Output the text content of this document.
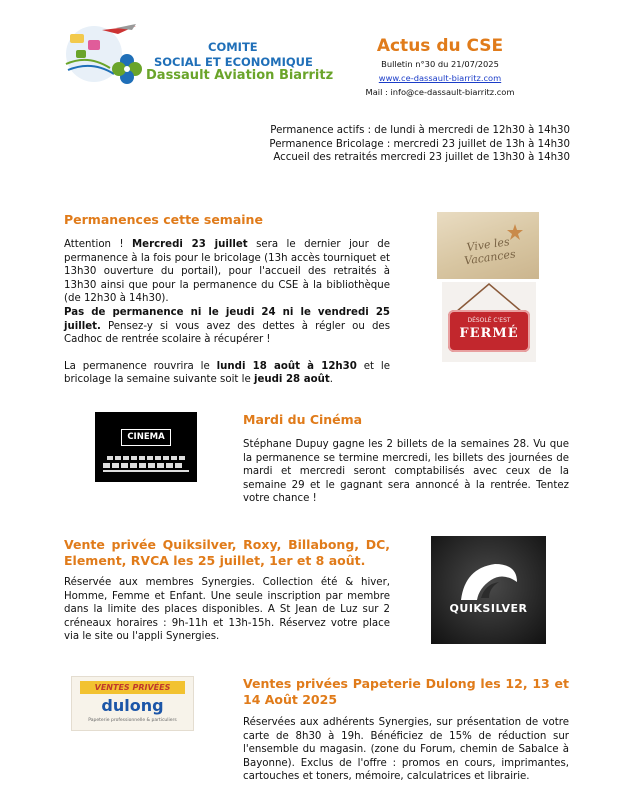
COMITE
SOCIAL ET ECONOMIQUE
Dassault Aviation Biarritz
Actus du CSE
Bulletin n°30 du 21/07/2025
www.ce-dassault-biarritz.com
Mail : info@ce-dassault-biarritz.com
Permanence actifs : de lundi à mercredi de 12h30 à 14h30
Permanence Bricolage : mercredi 23 juillet de 13h à 14h30
Accueil des retraités mercredi 23 juillet de 13h30 à 14h30
Permanences cette semaine

Attention ! Mercredi 23 juillet sera le dernier jour de permanence à la fois pour le bricolage (13h accès tourniquet et 13h30 ouverture du portail), pour l'accueil des retraités à 13h30 ainsi que pour la permanence du CSE à la bibliothèque (de 12h30 à 14h30).

Pas de permanence ni le jeudi 24 ni le vendredi 25 juillet. Pensez-y si vous avez des dettes à régler ou des Cadhoc de rentrée scolaire à récupérer !

La permanence rouvrira le lundi 18 août à 12h30 et le bricolage la semaine suivante soit le jeudi 28 août.

Vive les Vacances
DÉSOLÉ C'EST
FERMÉ
CINEMA
Mardi du Cinéma
Stéphane Dupuy gagne les 2 billets de la semaines 28. Vu que la permanence se termine mercredi, les billets des journées de mardi et mercredi seront comptabilisés avec ceux de la semaine 29 et le gagnant sera annoncé à la rentrée. Tentez votre chance !
Vente privée Quiksilver, Roxy, Billabong, DC, Element, RVCA les 25 juillet, 1er et 8 août.
Réservée aux membres Synergies. Collection été & hiver, Homme, Femme et Enfant. Une seule inscription par membre dans la limite des places disponibles. A St Jean de Luz sur 2 créneaux horaires : 9h-11h et 13h-15h. Réservez votre place via le site ou l'appli Synergies.
QUIKSILVER
VENTES PRIVÉES
dulong
Papeterie professionnelle & particuliers
Ventes privées Papeterie Dulong les 12, 13 et 14 Août 2025
Réservées aux adhérents Synergies, sur présentation de votre carte de 8h30 à 19h. Bénéficiez de 15% de réduction sur l'ensemble du magasin. (zone du Forum, chemin de Sabalce à Bayonne). Exclus de l'offre : promos en cours, imprimantes, cartouches et toners, mémoire, calculatrices et librairie.
